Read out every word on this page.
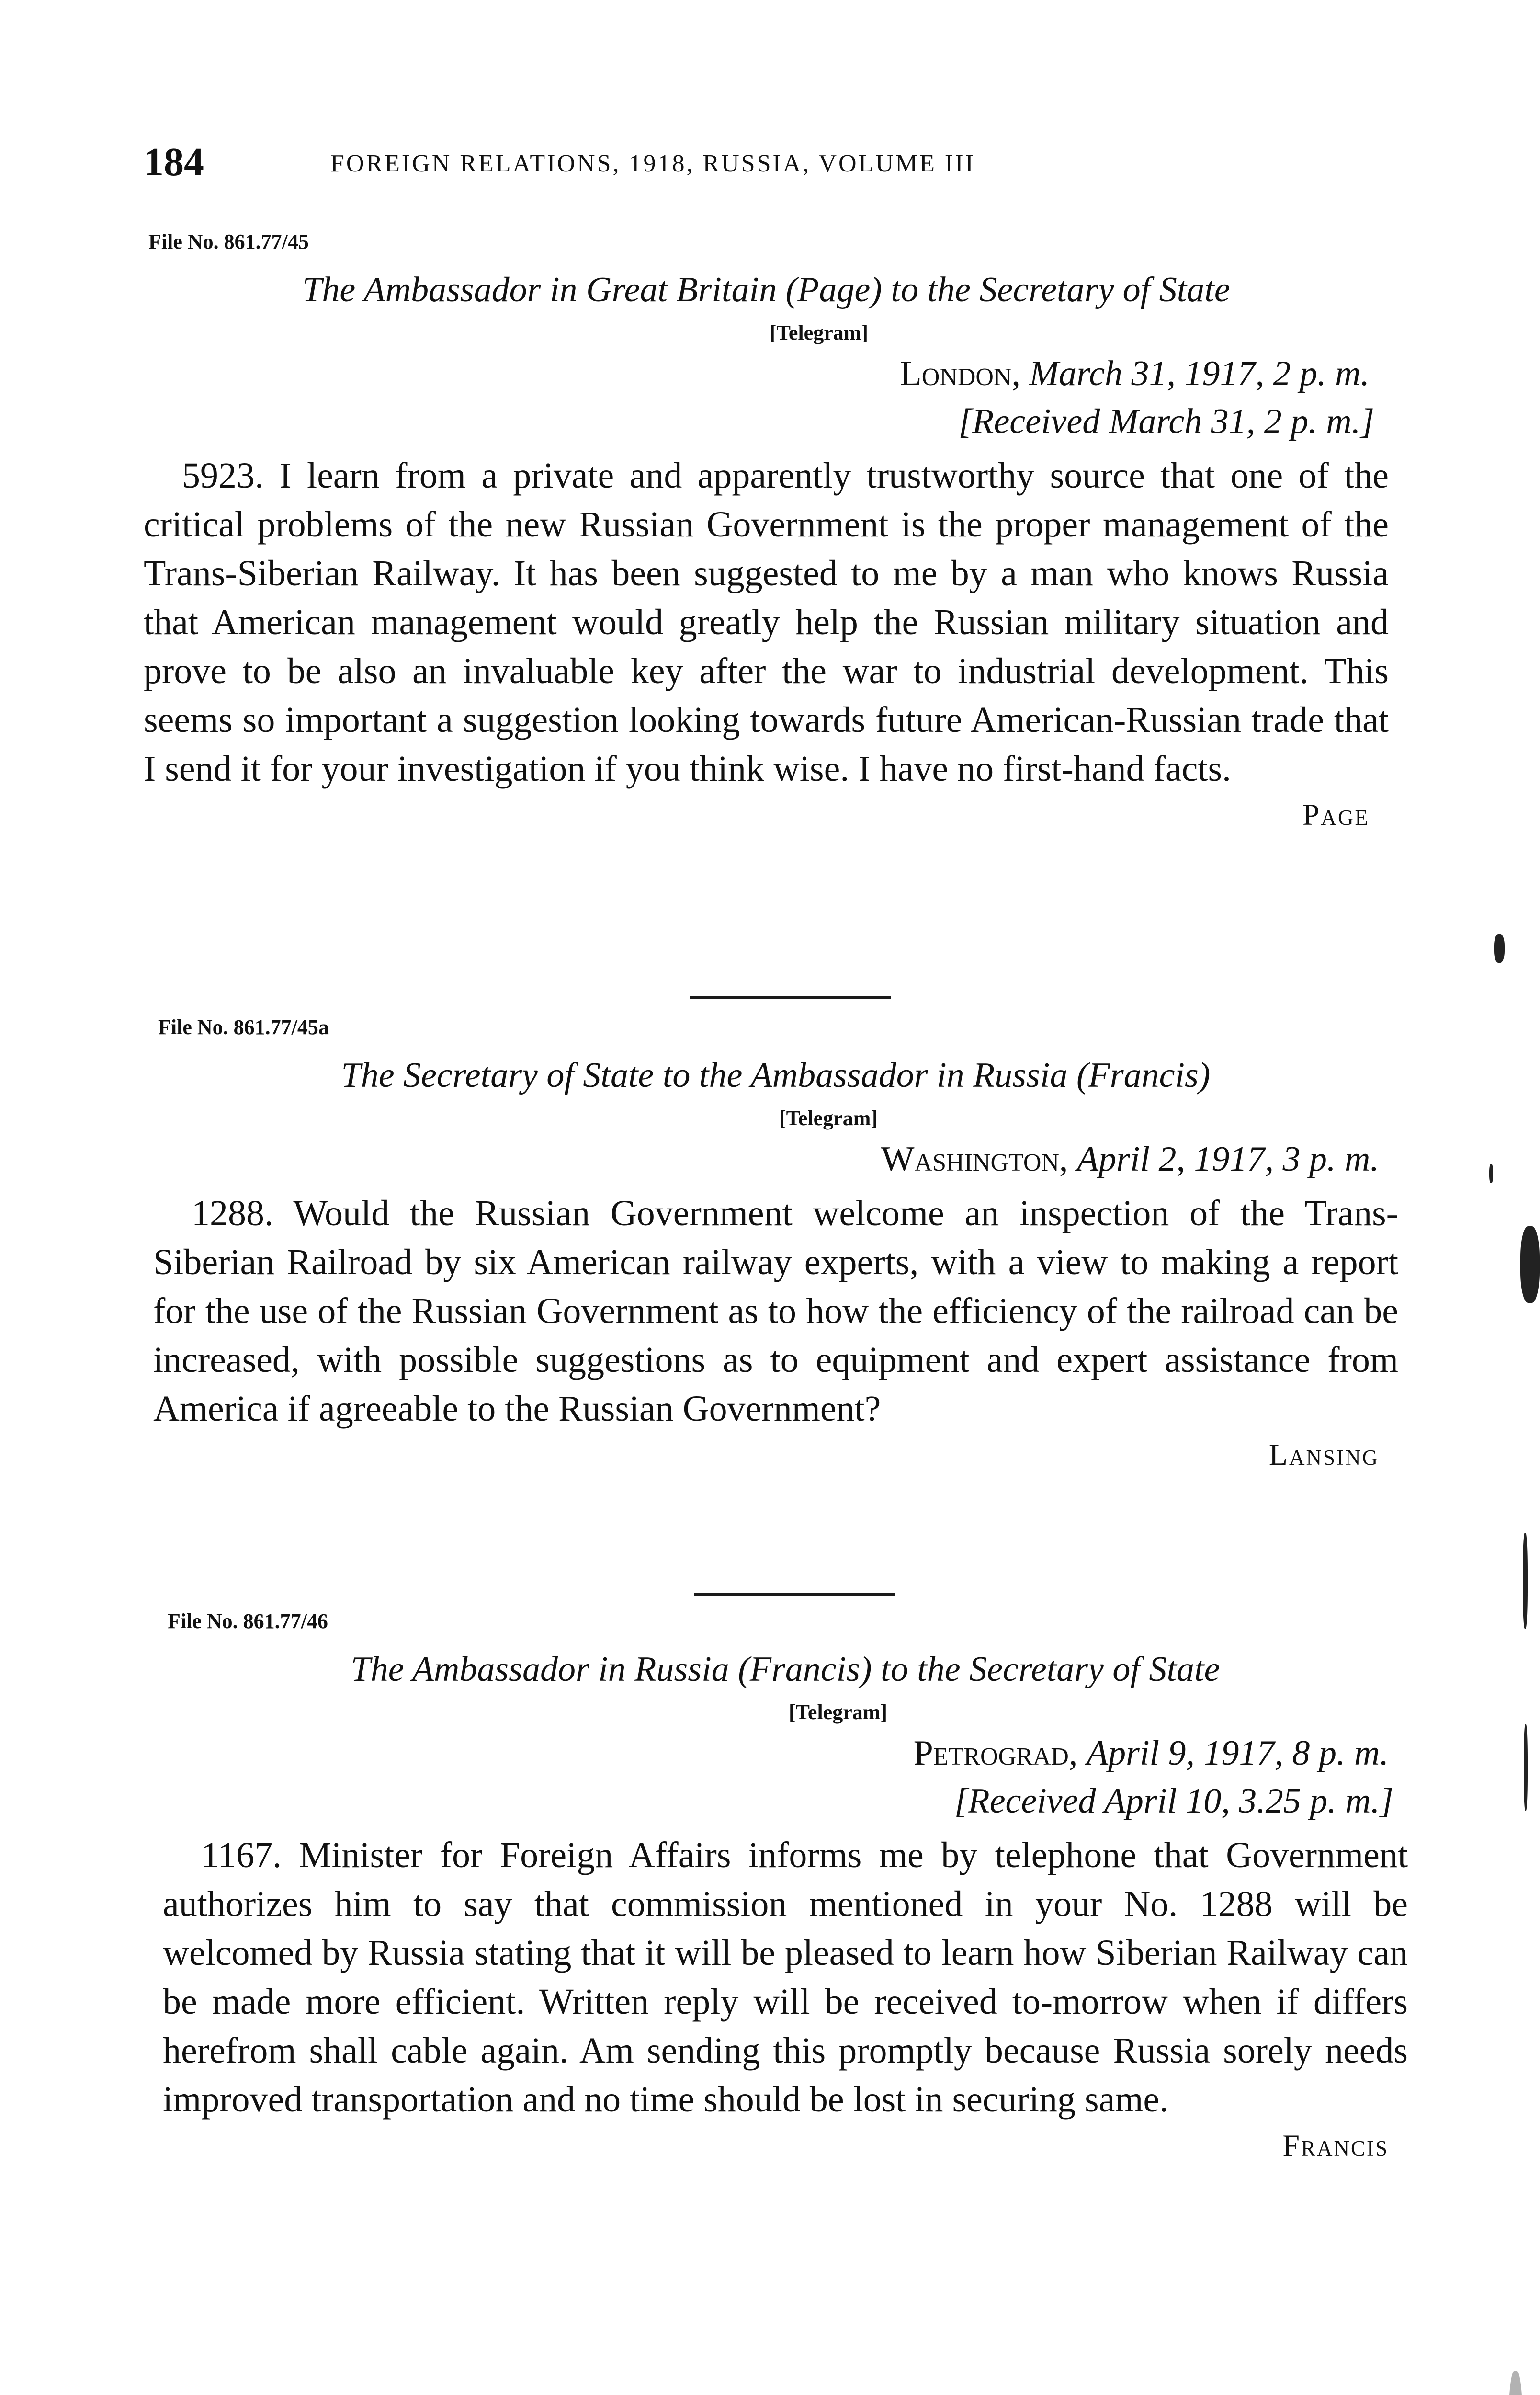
184	FOREIGN RELATIONS, 1918, RUSSIA, VOLUME III
File No. 861.77/45
The Ambassador in Great Britain (Page) to the Secretary of State
[Telegram]
London, March 31, 1917, 2 p. m.
[Received March 31, 2 p. m.]

5923. I learn from a private and apparently trustworthy source that one of the critical problems of the new Russian Government is the proper management of the Trans-Siberian Railway. It has been suggested to me by a man who knows Russia that American management would greatly help the Russian military situation and prove to be also an invaluable key after the war to industrial development. This seems so important a suggestion looking towards future American-Russian trade that I send it for your investigation if you think wise. I have no first-hand facts.

Page
File No. 861.77/45a
The Secretary of State to the Ambassador in Russia (Francis)
[Telegram]
Washington, April 2, 1917, 3 p. m.

1288. Would the Russian Government welcome an inspection of the Trans-Siberian Railroad by six American railway experts, with a view to making a report for the use of the Russian Government as to how the efficiency of the railroad can be increased, with possible suggestions as to equipment and expert assistance from America if agreeable to the Russian Government?

Lansing
File No. 861.77/46
The Ambassador in Russia (Francis) to the Secretary of State
[Telegram]
Petrograd, April 9, 1917, 8 p. m.
[Received April 10, 3.25 p. m.]

1167. Minister for Foreign Affairs informs me by telephone that Government authorizes him to say that commission mentioned in your No. 1288 will be welcomed by Russia stating that it will be pleased to learn how Siberian Railway can be made more efficient. Written reply will be received to-morrow when if differs herefrom shall cable again. Am sending this promptly because Russia sorely needs improved transportation and no time should be lost in securing same.

Francis
